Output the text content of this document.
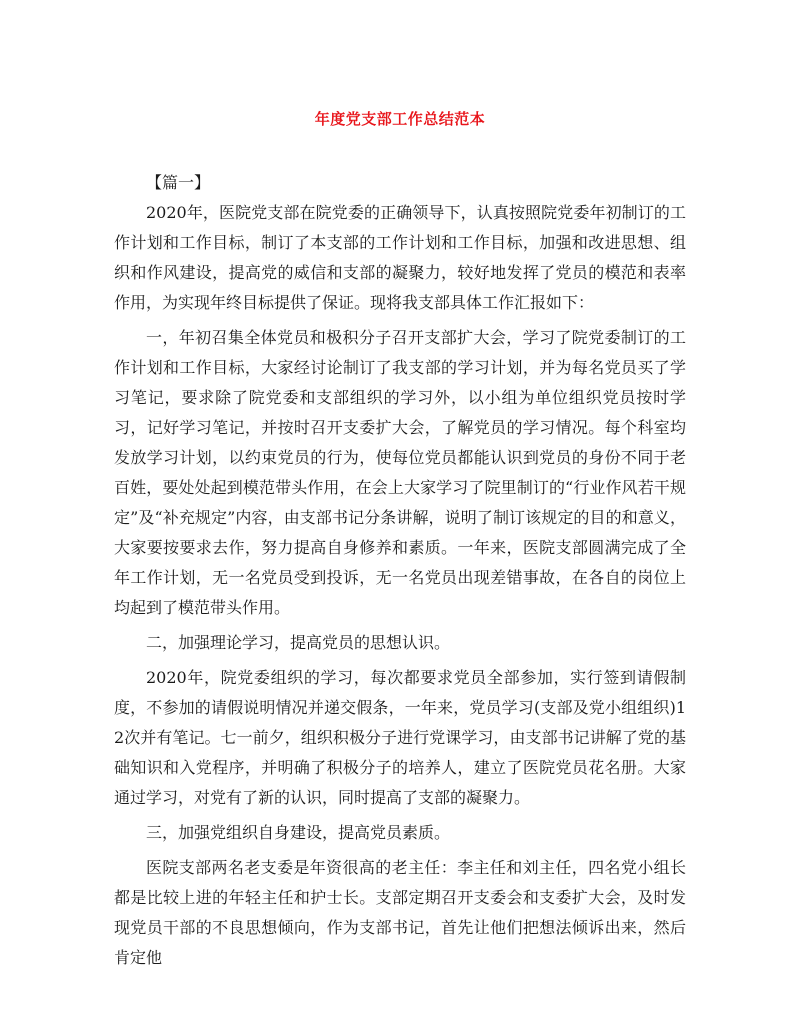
年度党支部工作总结范本
【篇一】

2020年，医院党支部在院党委的正确领导下，认真按照院党委年初制订的工作计划和工作目标，制订了本支部的工作计划和工作目标，加强和改进思想、组织和作风建设，提高党的威信和支部的凝聚力，较好地发挥了党员的模范和表率作用，为实现年终目标提供了保证。现将我支部具体工作汇报如下：

一，年初召集全体党员和极积分子召开支部扩大会，学习了院党委制订的工作计划和工作目标，大家经讨论制订了我支部的学习计划，并为每名党员买了学习笔记，要求除了院党委和支部组织的学习外，以小组为单位组织党员按时学习，记好学习笔记，并按时召开支委扩大会，了解党员的学习情况。每个科室均发放学习计划，以约束党员的行为，使每位党员都能认识到党员的身份不同于老百姓，要处处起到模范带头作用，在会上大家学习了院里制订的“行业作风若干规定”及“补充规定”内容，由支部书记分条讲解，说明了制订该规定的目的和意义，大家要按要求去作，努力提高自身修养和素质。一年来，医院支部圆满完成了全年工作计划，无一名党员受到投诉，无一名党员出现差错事故，在各自的岗位上均起到了模范带头作用。

二，加强理论学习，提高党员的思想认识。

2020年，院党委组织的学习，每次都要求党员全部参加，实行签到请假制度，不参加的请假说明情况并递交假条，一年来，党员学习(支部及党小组组织)12次并有笔记。七一前夕，组织积极分子进行党课学习，由支部书记讲解了党的基础知识和入党程序，并明确了积极分子的培养人，建立了医院党员花名册。大家通过学习，对党有了新的认识，同时提高了支部的凝聚力。

三，加强党组织自身建设，提高党员素质。

医院支部两名老支委是年资很高的老主任：李主任和刘主任，四名党小组长都是比较上进的年轻主任和护士长。支部定期召开支委会和支委扩大会，及时发现党员干部的不良思想倾向，作为支部书记，首先让他们把想法倾诉出来，然后肯定他
